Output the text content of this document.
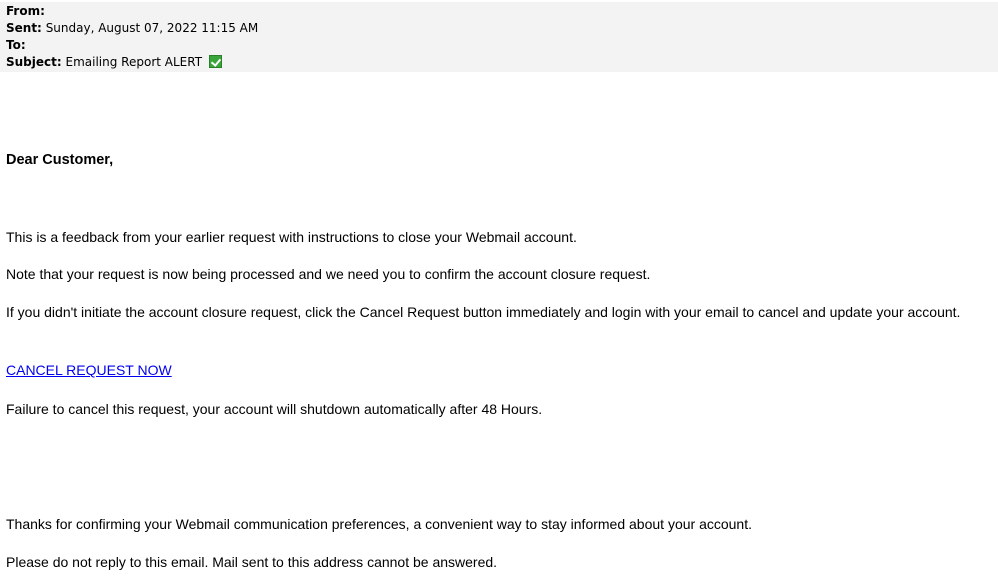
From:
Sent: Sunday, August 07, 2022 11:15 AM
To:
Subject: Emailing Report ALERT
Dear Customer,
This is a feedback from your earlier request with instructions to close your Webmail account.
Note that your request is now being processed and we need you to confirm the account closure request.
If you didn't initiate the account closure request, click the Cancel Request button immediately and login with your email to cancel and update your account.
CANCEL REQUEST NOW
Failure to cancel this request, your account will shutdown automatically after 48 Hours.
Thanks for confirming your Webmail communication preferences, a convenient way to stay informed about your account.
Please do not reply to this email. Mail sent to this address cannot be answered.
